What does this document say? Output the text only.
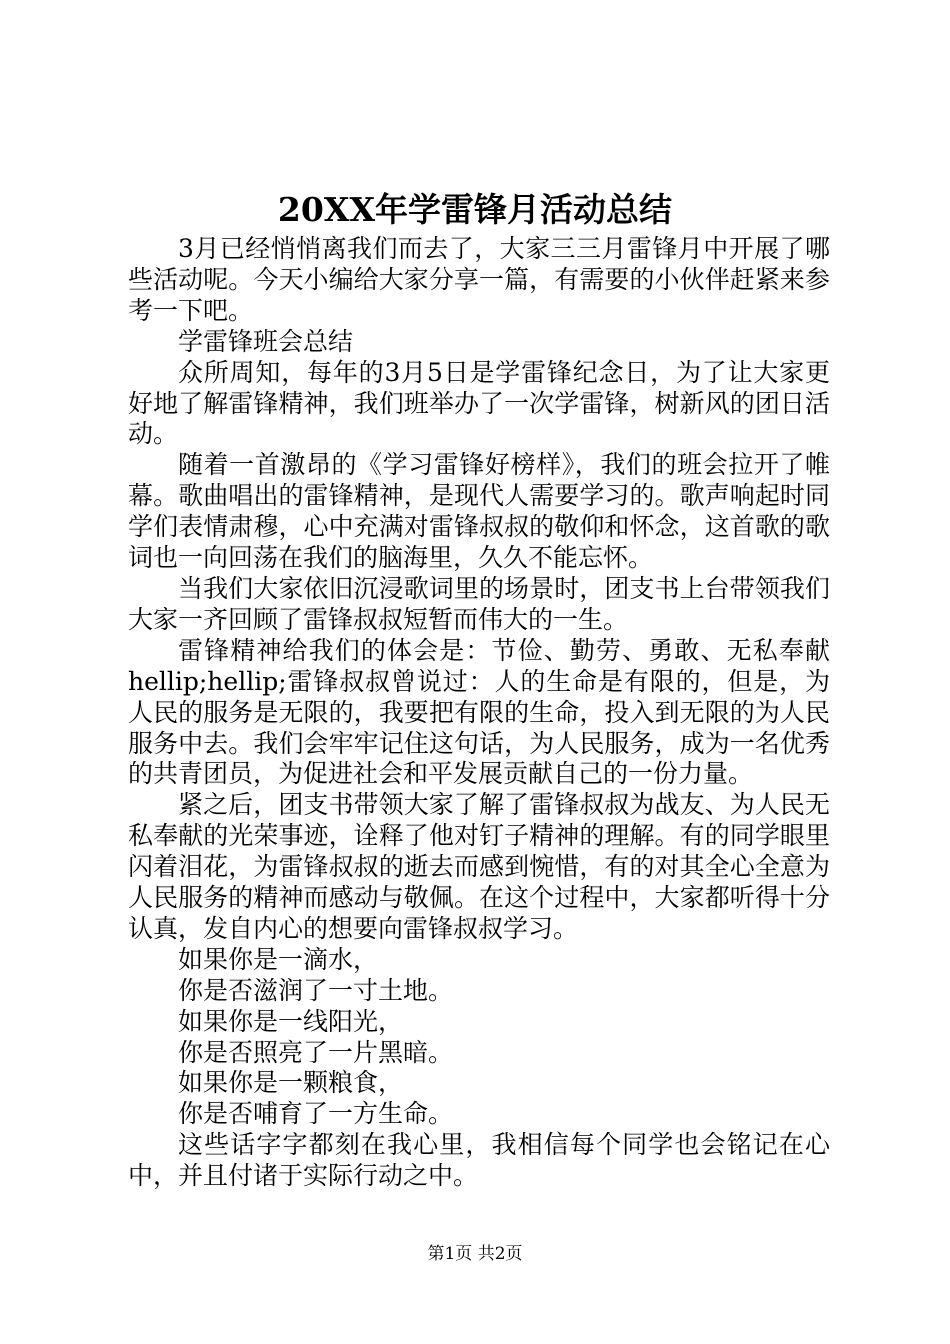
20XX年学雷锋月活动总结

3月已经悄悄离我们而去了，大家三三月雷锋月中开展了哪些活动呢。今天小编给大家分享一篇，有需要的小伙伴赶紧来参考一下吧。

学雷锋班会总结

众所周知，每年的3月5日是学雷锋纪念日，为了让大家更好地了解雷锋精神，我们班举办了一次学雷锋，树新风的团日活动。

随着一首激昂的《学习雷锋好榜样》，我们的班会拉开了帷幕。歌曲唱出的雷锋精神，是现代人需要学习的。歌声响起时同学们表情肃穆，心中充满对雷锋叔叔的敬仰和怀念，这首歌的歌词也一向回荡在我们的脑海里，久久不能忘怀。

当我们大家依旧沉浸歌词里的场景时，团支书上台带领我们大家一齐回顾了雷锋叔叔短暂而伟大的一生。

雷锋精神给我们的体会是：节俭、勤劳、勇敢、无私奉献hellip;hellip;雷锋叔叔曾说过：人的生命是有限的，但是，为人民的服务是无限的，我要把有限的生命，投入到无限的为人民服务中去。我们会牢牢记住这句话，为人民服务，成为一名优秀的共青团员，为促进社会和平发展贡献自己的一份力量。

紧之后，团支书带领大家了解了雷锋叔叔为战友、为人民无私奉献的光荣事迹，诠释了他对钉子精神的理解。有的同学眼里闪着泪花，为雷锋叔叔的逝去而感到惋惜，有的对其全心全意为人民服务的精神而感动与敬佩。在这个过程中，大家都听得十分认真，发自内心的想要向雷锋叔叔学习。

如果你是一滴水，

你是否滋润了一寸土地。

如果你是一线阳光，

你是否照亮了一片黑暗。

如果你是一颗粮食，

你是否哺育了一方生命。

这些话字字都刻在我心里，我相信每个同学也会铭记在心中，并且付诸于实际行动之中。

第1页 共2页
